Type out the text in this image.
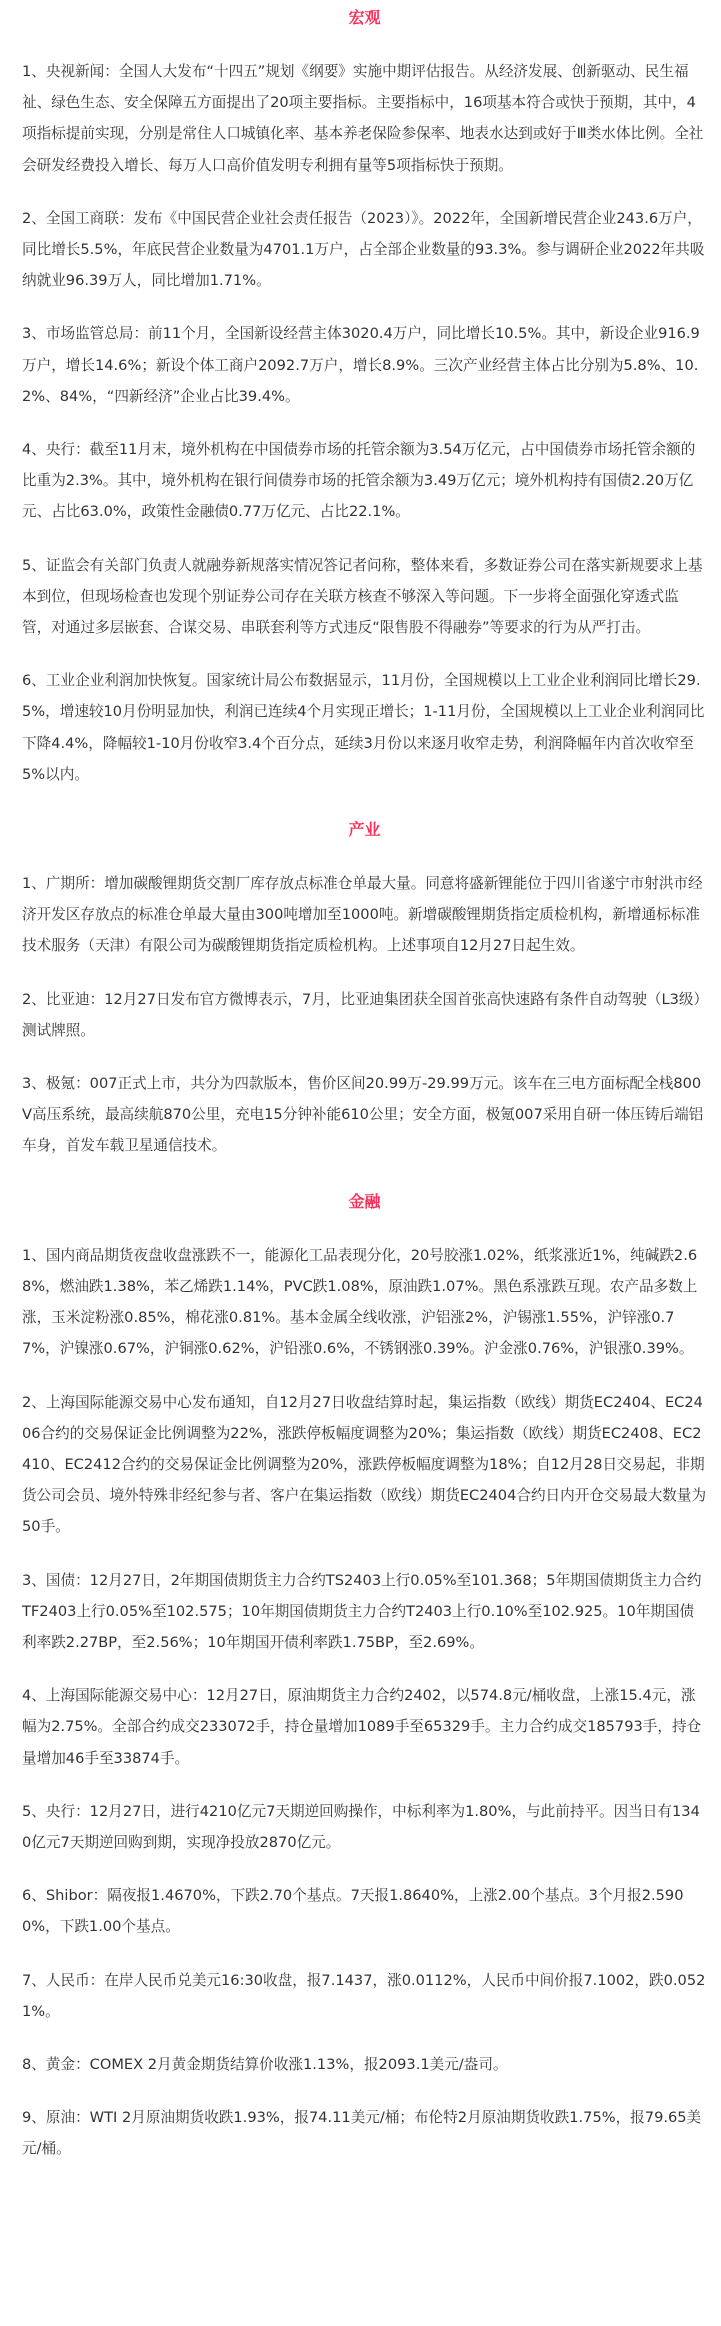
宏观

1、央视新闻：全国人大发布“十四五”规划《纲要》实施中期评估报告。从经济发展、创新驱动、民生福祉、绿色生态、安全保障五方面提出了20项主要指标。主要指标中，16项基本符合或快于预期，其中，4项指标提前实现，分别是常住人口城镇化率、基本养老保险参保率、地表水达到或好于Ⅲ类水体比例。全社会研发经费投入增长、每万人口高价值发明专利拥有量等5项指标快于预期。

2、全国工商联：发布《中国民营企业社会责任报告（2023）》。2022年，全国新增民营企业243.6万户，同比增长5.5%，年底民营企业数量为4701.1万户，占全部企业数量的93.3%。参与调研企业2022年共吸纳就业96.39万人，同比增加1.71%。

3、市场监管总局：前11个月，全国新设经营主体3020.4万户，同比增长10.5%。其中，新设企业916.9万户，增长14.6%；新设个体工商户2092.7万户，增长8.9%。三次产业经营主体占比分别为5.8%、10.2%、84%，“四新经济”企业占比39.4%。

4、央行：截至11月末，境外机构在中国债券市场的托管余额为3.54万亿元，占中国债券市场托管余额的比重为2.3%。其中，境外机构在银行间债券市场的托管余额为3.49万亿元；境外机构持有国债2.20万亿元、占比63.0%，政策性金融债0.77万亿元、占比22.1%。

5、证监会有关部门负责人就融券新规落实情况答记者问称，整体来看，多数证券公司在落实新规要求上基本到位，但现场检查也发现个别证券公司存在关联方核查不够深入等问题。下一步将全面强化穿透式监管，对通过多层嵌套、合谋交易、串联套利等方式违反“限售股不得融券”等要求的行为从严打击。

6、工业企业利润加快恢复。国家统计局公布数据显示，11月份，全国规模以上工业企业利润同比增长29.5%，增速较10月份明显加快，利润已连续4个月实现正增长；1-11月份，全国规模以上工业企业利润同比下降4.4%，降幅较1-10月份收窄3.4个百分点，延续3月份以来逐月收窄走势，利润降幅年内首次收窄至5%以内。

产业

1、广期所：增加碳酸锂期货交割厂库存放点标准仓单最大量。同意将盛新锂能位于四川省遂宁市射洪市经济开发区存放点的标准仓单最大量由300吨增加至1000吨。新增碳酸锂期货指定质检机构，新增通标标准技术服务（天津）有限公司为碳酸锂期货指定质检机构。上述事项自12月27日起生效。

2、比亚迪：12月27日发布官方微博表示，7月，比亚迪集团获全国首张高快速路有条件自动驾驶（L3级）测试牌照。

3、极氪：007正式上市，共分为四款版本，售价区间20.99万-29.99万元。该车在三电方面标配全栈800V高压系统，最高续航870公里，充电15分钟补能610公里；安全方面，极氪007采用自研一体压铸后端铝车身，首发车载卫星通信技术。

金融

1、国内商品期货夜盘收盘涨跌不一，能源化工品表现分化，20号胶涨1.02%，纸浆涨近1%，纯碱跌2.68%，燃油跌1.38%，苯乙烯跌1.14%，PVC跌1.08%，原油跌1.07%。黑色系涨跌互现。农产品多数上涨，玉米淀粉涨0.85%，棉花涨0.81%。基本金属全线收涨，沪铝涨2%，沪锡涨1.55%，沪锌涨0.77%，沪镍涨0.67%，沪铜涨0.62%，沪铅涨0.6%，不锈钢涨0.39%。沪金涨0.76%，沪银涨0.39%。

2、上海国际能源交易中心发布通知，自12月27日收盘结算时起，集运指数（欧线）期货EC2404、EC2406合约的交易保证金比例调整为22%，涨跌停板幅度调整为20%；集运指数（欧线）期货EC2408、EC2410、EC2412合约的交易保证金比例调整为20%，涨跌停板幅度调整为18%；自12月28日交易起，非期货公司会员、境外特殊非经纪参与者、客户在集运指数（欧线）期货EC2404合约日内开仓交易最大数量为50手。

3、国债：12月27日，2年期国债期货主力合约TS2403上行0.05%至101.368；5年期国债期货主力合约TF2403上行0.05%至102.575；10年期国债期货主力合约T2403上行0.10%至102.925。10年期国债利率跌2.27BP，至2.56%；10年期国开债利率跌1.75BP，至2.69%。

4、上海国际能源交易中心：12月27日，原油期货主力合约2402，以574.8元/桶收盘，上涨15.4元，涨幅为2.75%。全部合约成交233072手，持仓量增加1089手至65329手。主力合约成交185793手，持仓量增加46手至33874手。

5、央行：12月27日，进行4210亿元7天期逆回购操作，中标利率为1.80%，与此前持平。因当日有1340亿元7天期逆回购到期，实现净投放2870亿元。

6、Shibor：隔夜报1.4670%，下跌2.70个基点。7天报1.8640%，上涨2.00个基点。3个月报2.5900%，下跌1.00个基点。

7、人民币：在岸人民币兑美元16:30收盘，报7.1437，涨0.0112%，人民币中间价报7.1002，跌0.0521%。

8、黄金：COMEX 2月黄金期货结算价收涨1.13%，报2093.1美元/盎司。

9、原油：WTI 2月原油期货收跌1.93%，报74.11美元/桶；布伦特2月原油期货收跌1.75%，报79.65美元/桶。
